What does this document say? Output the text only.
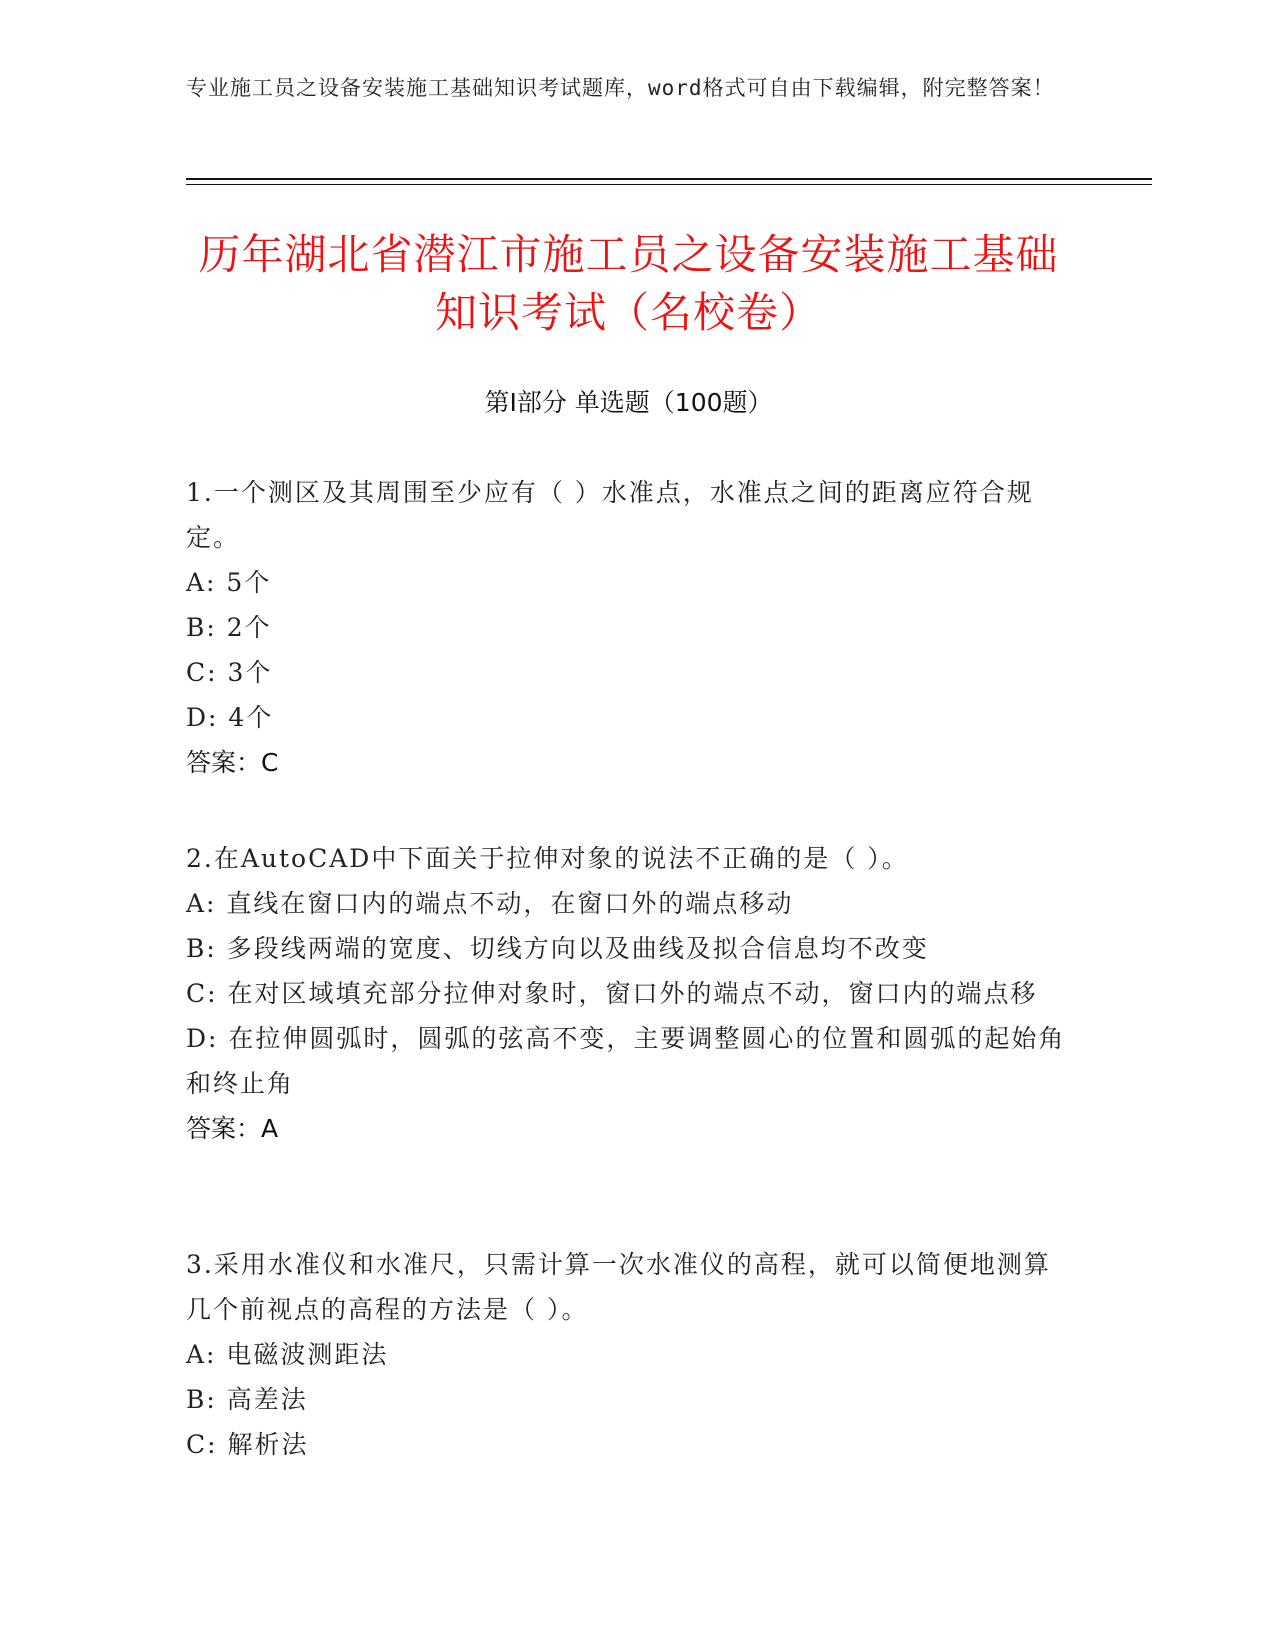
专业施工员之设备安装施工基础知识考试题库，word格式可自由下载编辑，附完整答案！
历年湖北省潜江市施工员之设备安装施工基础知识考试（名校卷）
第I部分 单选题（100题）

1.一个测区及其周围至少应有（ ）水准点，水准点之间的距离应符合规定。

A: 5个

B: 2个

C: 3个

D: 4个

答案：C

2.在AutoCAD中下面关于拉伸对象的说法不正确的是（ ）。

A: 直线在窗口内的端点不动，在窗口外的端点移动

B: 多段线两端的宽度、切线方向以及曲线及拟合信息均不改变

C: 在对区域填充部分拉伸对象时，窗口外的端点不动，窗口内的端点移

D: 在拉伸圆弧时，圆弧的弦高不变，主要调整圆心的位置和圆弧的起始角和终止角

答案：A

3.采用水准仪和水准尺，只需计算一次水准仪的高程，就可以简便地测算几个前视点的高程的方法是（ ）。

A: 电磁波测距法

B: 高差法

C: 解析法
